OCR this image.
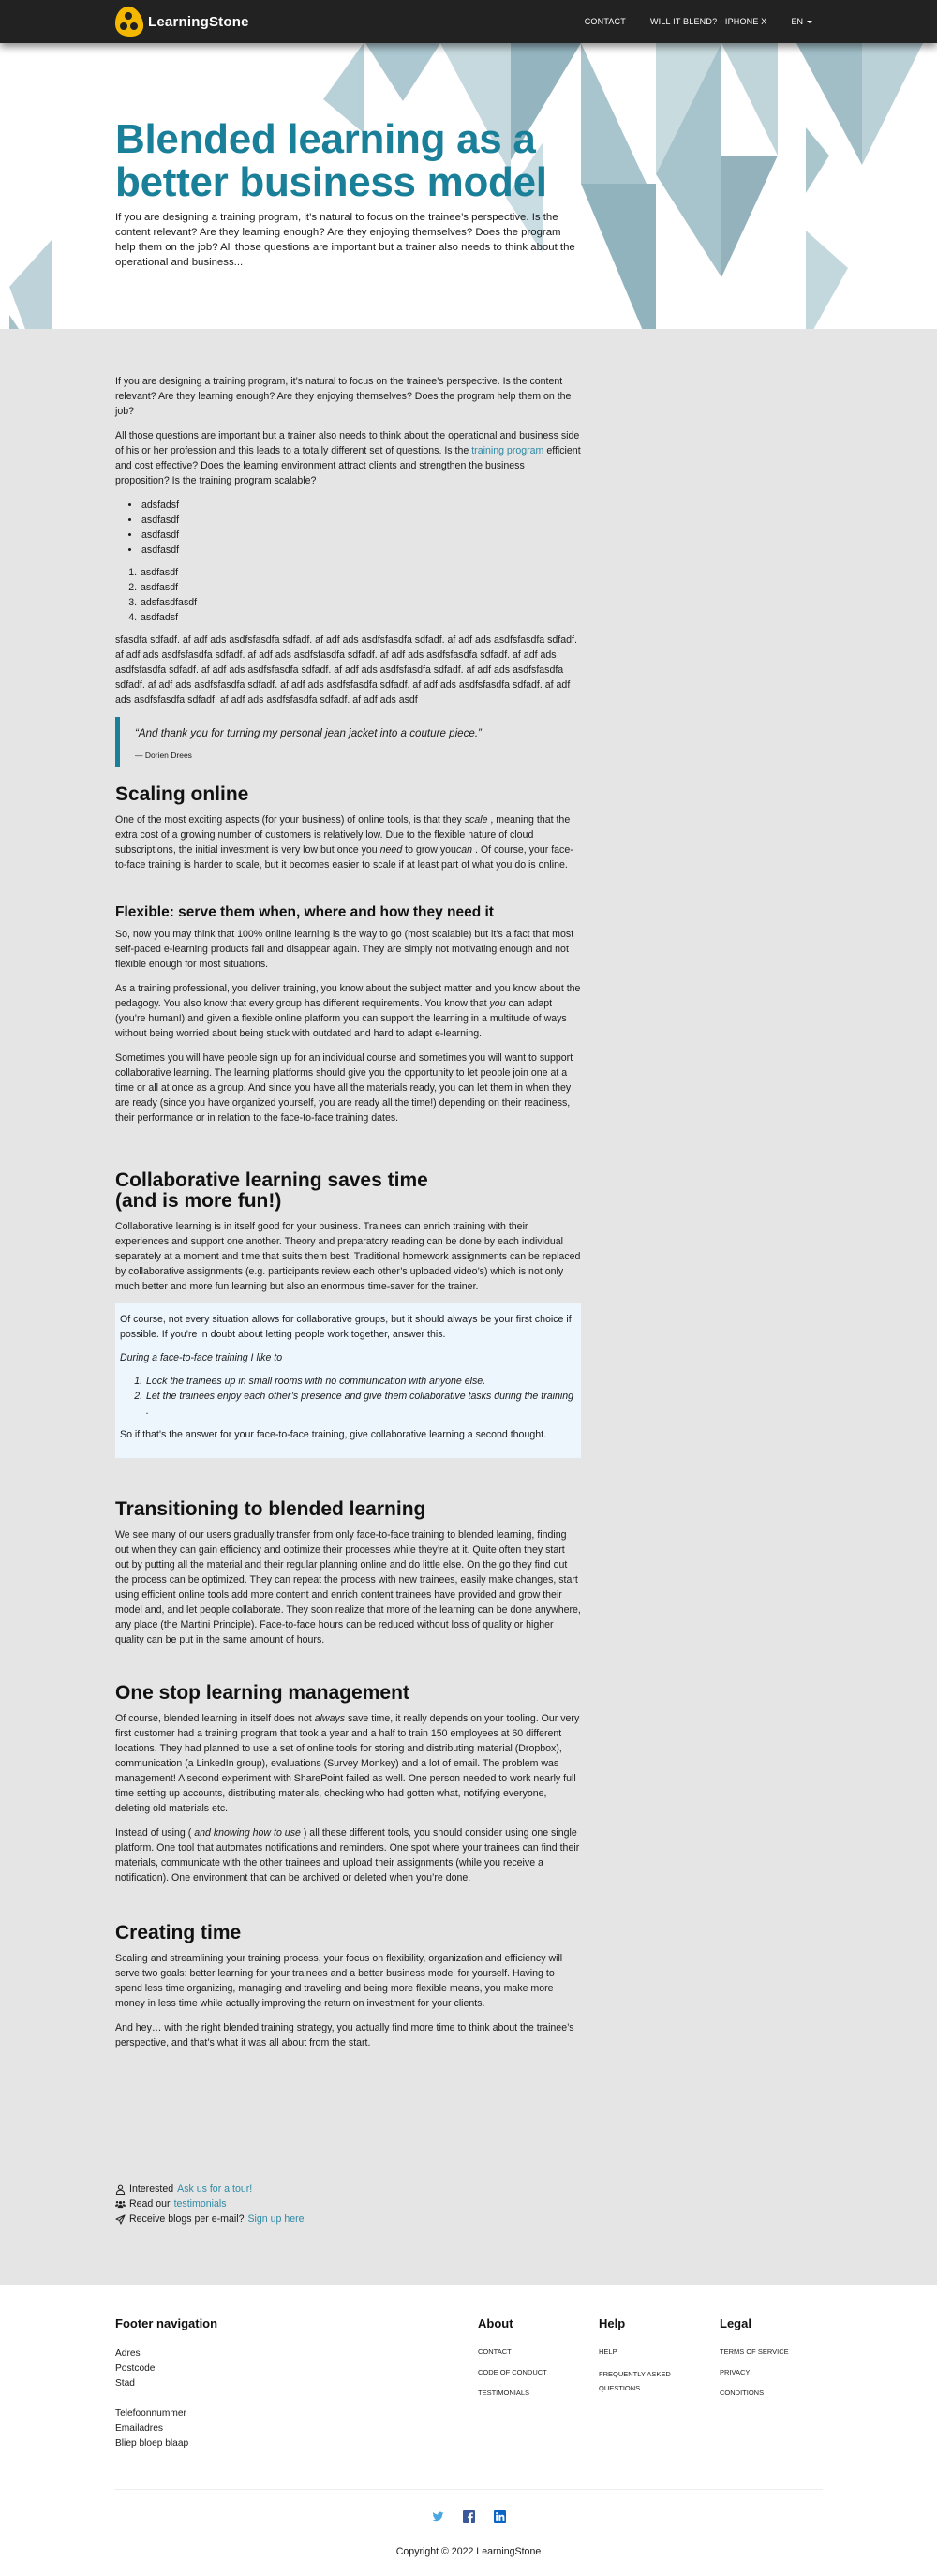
LearningStone	CONTACT	WILL IT BLEND? - IPHONE X	EN
Blended learning as a better business model

If you are designing a training program, it’s natural to focus on the trainee’s perspective. Is the content relevant? Are they learning enough? Are they enjoying themselves? Does the program help them on the job? All those questions are important but a trainer also needs to think about the operational and business...

If you are designing a training program, it’s natural to focus on the trainee’s perspective. Is the content relevant? Are they learning enough? Are they enjoying themselves? Does the program help them on the job?

All those questions are important but a trainer also needs to think about the operational and business side of his or her profession and this leads to a totally different set of questions. Is the training program efficient and cost effective? Does the learning environment attract clients and strengthen the business proposition? Is the training program scalable?

• adsfadsf
• asdfasdf
• asdfasdf
• asdfasdf
1. asdfasdf
2. asdfasdf
3. adsfasdfasdf
4. asdfadsf

sfasdfa sdfadf. af adf ads asdfsfasdfa sdfadf. af adf ads asdfsfasdfa sdfadf. af adf ads asdfsfasdfa sdfadf. af adf ads asdfsfasdfa sdfadf. af adf ads asdfsfasdfa sdfadf. af adf ads asdfsfasdfa sdfadf. af adf ads asdfsfasdfa sdfadf. af adf ads asdfsfasdfa sdfadf. af adf ads asdfsfasdfa sdfadf. af adf ads asdfsfasdfa sdfadf. af adf ads asdfsfasdfa sdfadf. af adf ads asdfsfasdfa sdfadf. af adf ads asdfsfasdfa sdfadf. af adf ads asdfsfasdfa sdfadf. af adf ads asdfsfasdfa sdfadf. af adf ads asdf

“And thank you for turning my personal jean jacket into a couture piece.”
— Dorien Drees
Scaling online

One of the most exciting aspects (for your business) of online tools, is that they scale , meaning that the extra cost of a growing number of customers is relatively low. Due to the flexible nature of cloud subscriptions, the initial investment is very low but once you need to grow youcan . Of course, your face-to-face training is harder to scale, but it becomes easier to scale if at least part of what you do is online.

Flexible: serve them when, where and how they need it

So, now you may think that 100% online learning is the way to go (most scalable) but it’s a fact that most self-paced e-learning products fail and disappear again. They are simply not motivating enough and not flexible enough for most situations.

As a training professional, you deliver training, you know about the subject matter and you know about the pedagogy. You also know that every group has different requirements. You know that you can adapt (you’re human!) and given a flexible online platform you can support the learning in a multitude of ways without being worried about being stuck with outdated and hard to adapt e-learning.

Sometimes you will have people sign up for an individual course and sometimes you will want to support collaborative learning. The learning platforms should give you the opportunity to let people join one at a time or all at once as a group. And since you have all the materials ready, you can let them in when they are ready (since you have organized yourself, you are ready all the time!) depending on their readiness, their performance or in relation to the face-to-face training dates.

Collaborative learning saves time
(and is more fun!)

Collaborative learning is in itself good for your business. Trainees can enrich training with their experiences and support one another. Theory and preparatory reading can be done by each individual separately at a moment and time that suits them best. Traditional homework assignments can be replaced by collaborative assignments (e.g. participants review each other’s uploaded video’s) which is not only much better and more fun learning but also an enormous time-saver for the trainer.

Of course, not every situation allows for collaborative groups, but it should always be your first choice if possible. If you’re in doubt about letting people work together, answer this.

During a face-to-face training I like to

1. Lock the trainees up in small rooms with no communication with anyone else.
2. Let the trainees enjoy each other’s presence and give them collaborative tasks during the training .

So if that’s the answer for your face-to-face training, give collaborative learning a second thought.

Transitioning to blended learning

We see many of our users gradually transfer from only face-to-face training to blended learning, finding out when they can gain efficiency and optimize their processes while they’re at it. Quite often they start out by putting all the material and their regular planning online and do little else. On the go they find out the process can be optimized. They can repeat the process with new trainees, easily make changes, start using efficient online tools add more content and enrich content trainees have provided and grow their model and, and let people collaborate. They soon realize that more of the learning can be done anywhere, any place (the Martini Principle). Face-to-face hours can be reduced without loss of quality or higher quality can be put in the same amount of hours.

One stop learning management

Of course, blended learning in itself does not always save time, it really depends on your tooling. Our very first customer had a training program that took a year and a half to train 150 employees at 60 different locations. They had planned to use a set of online tools for storing and distributing material (Dropbox), communication (a LinkedIn group), evaluations (Survey Monkey) and a lot of email. The problem was management! A second experiment with SharePoint failed as well. One person needed to work nearly full time setting up accounts, distributing materials, checking who had gotten what, notifying everyone, deleting old materials etc.

Instead of using ( and knowing how to use ) all these different tools, you should consider using one single platform. One tool that automates notifications and reminders. One spot where your trainees can find their materials, communicate with the other trainees and upload their assignments (while you receive a notification). One environment that can be archived or deleted when you’re done.

Creating time

Scaling and streamlining your training process, your focus on flexibility, organization and efficiency will serve two goals: better learning for your trainees and a better business model for yourself. Having to spend less time organizing, managing and traveling and being more flexible means, you make more money in less time while actually improving the return on investment for your clients.

And hey… with the right blended training strategy, you actually find more time to think about the trainee’s perspective, and that’s what it was all about from the start.

Interested Ask us for a tour!
Read our testimonials
Receive blogs per e-mail? Sign up here
Footer navigation
Adres
Postcode
Stad
Telefoonnummer
Emailadres
Bliep bloep blaap
About
CONTACT
CODE OF CONDUCT
TESTIMONIALS
Help
HELP
FREQUENTLY ASKED QUESTIONS
Legal
TERMS OF SERVICE
PRIVACY
CONDITIONS
Copyright © 2022 LearningStone
